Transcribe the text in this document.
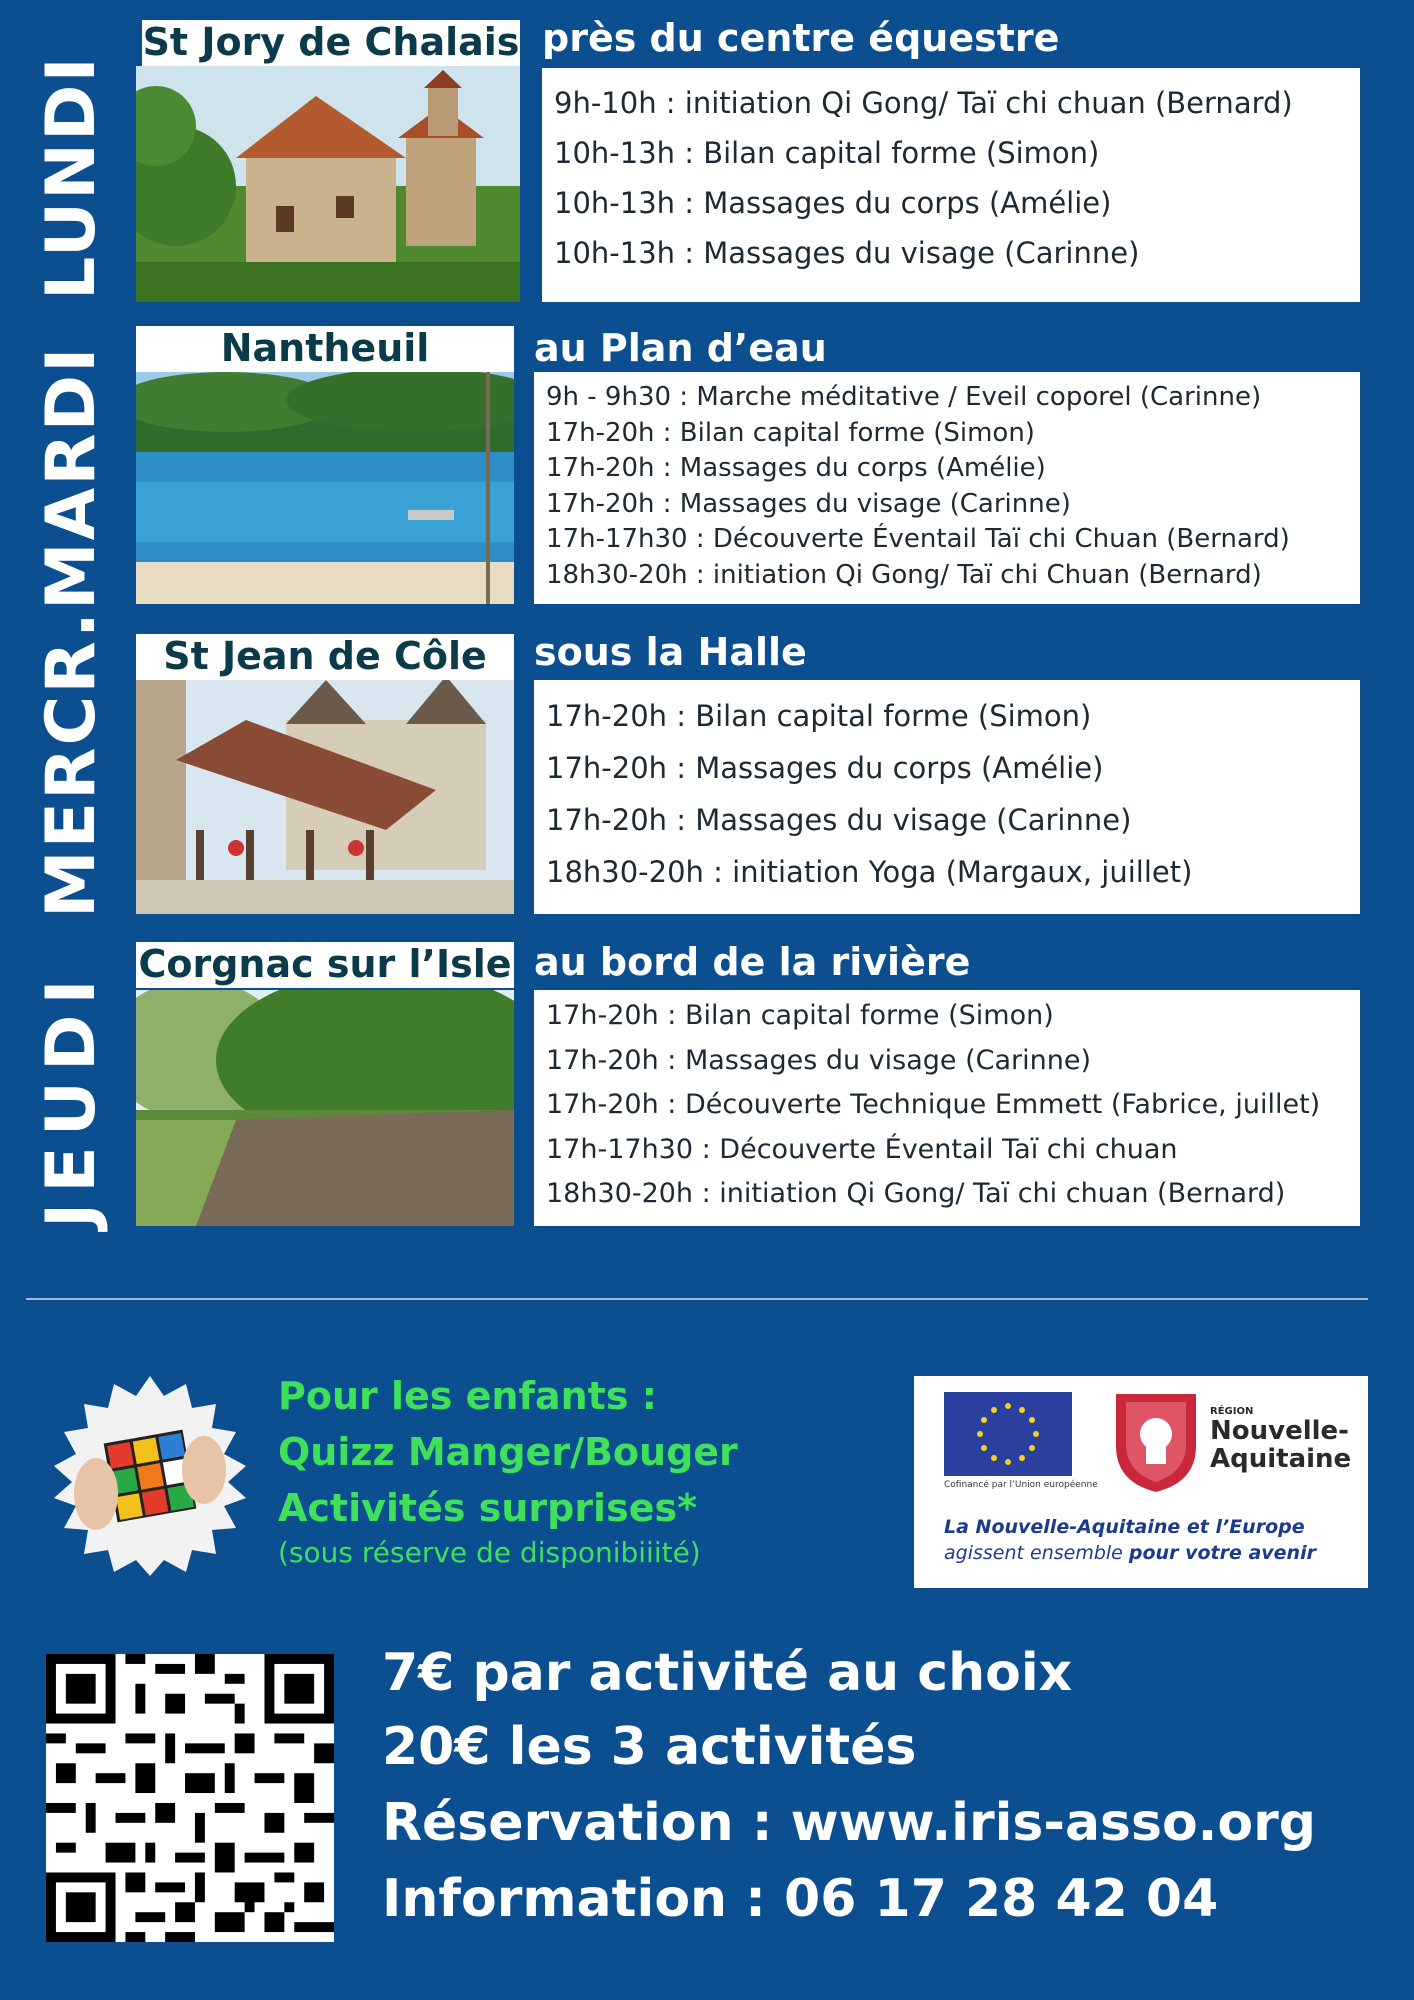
LUNDI
St Jory de Chalais près du centre équestre
9h-10h : initiation Qi Gong/ Taï chi chuan (Bernard)
10h-13h : Bilan capital forme (Simon)
10h-13h : Massages du corps (Amélie)
10h-13h : Massages du visage (Carinne)
MARDI	Nantheuil	au Plan d’eau
9h - 9h30 : Marche méditative / Eveil coporel (Carinne)
17h-20h : Bilan capital forme (Simon)
17h-20h : Massages du corps (Amélie)
17h-20h : Massages du visage (Carinne)
17h-17h30 : Découverte Éventail Taï chi Chuan (Bernard)
18h30-20h : initiation Qi Gong/ Taï chi Chuan (Bernard)
MERCR.	St Jean de Côle	sous la Halle
17h-20h : Bilan capital forme (Simon)
17h-20h : Massages du corps (Amélie)
17h-20h : Massages du visage (Carinne)
18h30-20h : initiation Yoga (Margaux, juillet)
JEUDI
Corgnac sur l’Isle au bord de la rivière
17h-20h : Bilan capital forme (Simon)
17h-20h : Massages du visage (Carinne)
17h-20h : Découverte Technique Emmett (Fabrice, juillet)
17h-17h30 : Découverte Éventail Taï chi chuan
18h30-20h : initiation Qi Gong/ Taï chi chuan (Bernard)
Pour les enfants :
Quizz Manger/Bouger
Activités surprises*
(sous réserve de disponibiiité)
Cofinancé par l’Union européenne
RÉGION
Nouvelle-
Aquitaine
La Nouvelle-Aquitaine et l’Europe
agissent ensemble pour votre avenir
7€ par activité au choix
20€ les 3 activités
Réservation : www.iris-asso.org
Information : 06 17 28 42 04
